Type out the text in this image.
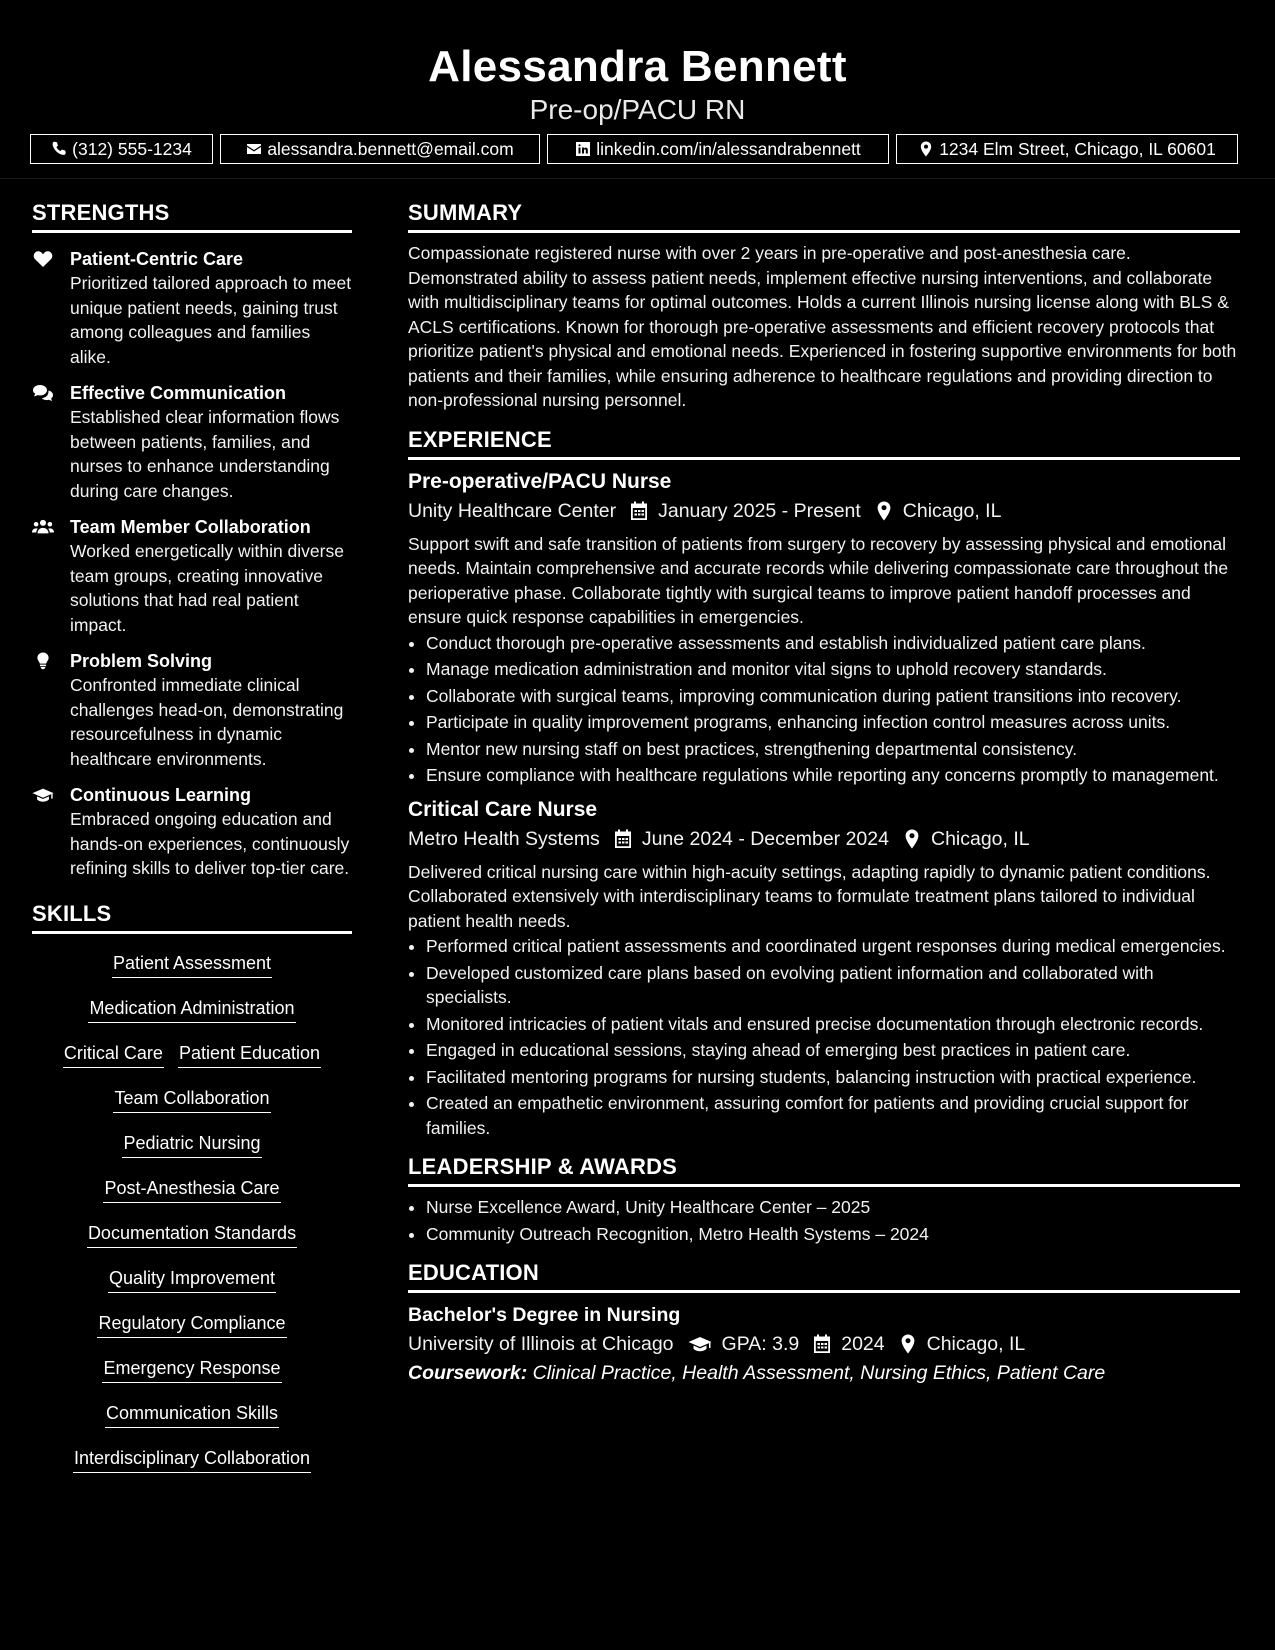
Alessandra Bennett
Pre-op/PACU RN
(312) 555-1234	alessandra.bennett@email.com	linkedin.com/in/alessandrabennett	1234 Elm Street, Chicago, IL 60601
STRENGTHS
Patient-Centric Care
Prioritized tailored approach to meet unique patient needs, gaining trust among colleagues and families alike.
Effective Communication
Established clear information flows between patients, families, and nurses to enhance understanding during care changes.
Team Member Collaboration
Worked energetically within diverse team groups, creating innovative solutions that had real patient impact.
Problem Solving
Confronted immediate clinical challenges head-on, demonstrating resourcefulness in dynamic healthcare environments.
Continuous Learning
Embraced ongoing education and hands-on experiences, continuously refining skills to deliver top-tier care.
SKILLS
Patient Assessment
Medication Administration
Critical Care Patient Education
Team Collaboration
Pediatric Nursing
Post-Anesthesia Care
Documentation Standards
Quality Improvement
Regulatory Compliance
Emergency Response
Communication Skills
Interdisciplinary Collaboration
SUMMARY
Compassionate registered nurse with over 2 years in pre-operative and post-anesthesia care. Demonstrated ability to assess patient needs, implement effective nursing interventions, and collaborate with multidisciplinary teams for optimal outcomes. Holds a current Illinois nursing license along with BLS & ACLS certifications. Known for thorough pre-operative assessments and efficient recovery protocols that prioritize patient's physical and emotional needs. Experienced in fostering supportive environments for both patients and their families, while ensuring adherence to healthcare regulations and providing direction to non-professional nursing personnel.
EXPERIENCE
Pre-operative/PACU Nurse
Unity Healthcare Center January 2025 - Present Chicago, IL
Support swift and safe transition of patients from surgery to recovery by assessing physical and emotional needs. Maintain comprehensive and accurate records while delivering compassionate care throughout the perioperative phase. Collaborate tightly with surgical teams to improve patient handoff processes and ensure quick response capabilities in emergencies.
• Conduct thorough pre-operative assessments and establish individualized patient care plans.
• Manage medication administration and monitor vital signs to uphold recovery standards.
• Collaborate with surgical teams, improving communication during patient transitions into recovery.
• Participate in quality improvement programs, enhancing infection control measures across units.
• Mentor new nursing staff on best practices, strengthening departmental consistency.
• Ensure compliance with healthcare regulations while reporting any concerns promptly to management.
Critical Care Nurse
Metro Health Systems June 2024 - December 2024 Chicago, IL
Delivered critical nursing care within high-acuity settings, adapting rapidly to dynamic patient conditions. Collaborated extensively with interdisciplinary teams to formulate treatment plans tailored to individual patient health needs.
• Performed critical patient assessments and coordinated urgent responses during medical emergencies.
• Developed customized care plans based on evolving patient information and collaborated with specialists.
• Monitored intricacies of patient vitals and ensured precise documentation through electronic records.
• Engaged in educational sessions, staying ahead of emerging best practices in patient care.
• Facilitated mentoring programs for nursing students, balancing instruction with practical experience.
• Created an empathetic environment, assuring comfort for patients and providing crucial support for families.
LEADERSHIP & AWARDS
• Nurse Excellence Award, Unity Healthcare Center – 2025
• Community Outreach Recognition, Metro Health Systems – 2024
EDUCATION
Bachelor's Degree in Nursing
University of Illinois at Chicago GPA: 3.9 2024 Chicago, IL
Coursework: Clinical Practice, Health Assessment, Nursing Ethics, Patient Care
